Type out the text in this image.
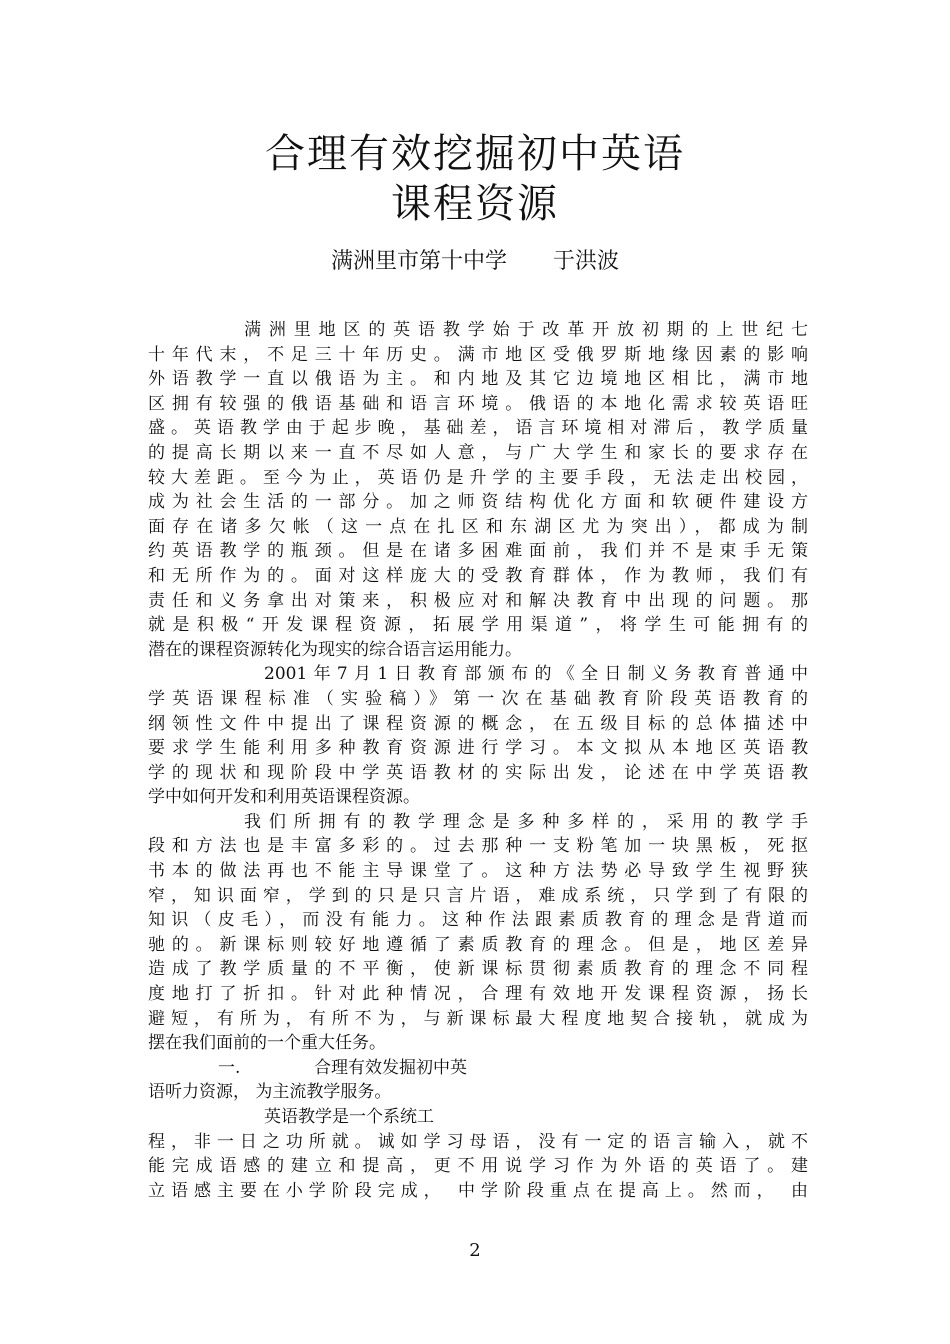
合理有效挖掘初中英语
课程资源
满洲里市第十中学 于洪波
满洲里地区的英语教学始于改革开放初期的上世纪七
十年代末，不足三十年历史。满市地区受俄罗斯地缘因素的影响
外语教学一直以俄语为主。和内地及其它边境地区相比，满市地
区拥有较强的俄语基础和语言环境。俄语的本地化需求较英语旺
盛。英语教学由于起步晚，基础差，语言环境相对滞后，教学质量
的提高长期以来一直不尽如人意，与广大学生和家长的要求存在
较大差距。至今为止，英语仍是升学的主要手段，无法走出校园，
成为社会生活的一部分。加之师资结构优化方面和软硬件建设方
面存在诸多欠帐（这一点在扎区和东湖区尤为突出），都成为制
约英语教学的瓶颈。但是在诸多困难面前，我们并不是束手无策
和无所作为的。面对这样庞大的受教育群体，作为教师，我们有
责任和义务拿出对策来，积极应对和解决教育中出现的问题。那
就是积极“开发课程资源，拓展学用渠道”，将学生可能拥有的
潜在的课程资源转化为现实的综合语言运用能力。
2001年7月1日教育部颁布的《全日制义务教育普通中
学英语课程标准（实验稿）》第一次在基础教育阶段英语教育的
纲领性文件中提出了课程资源的概念，在五级目标的总体描述中
要求学生能利用多种教育资源进行学习。本文拟从本地区英语教
学的现状和现阶段中学英语教材的实际出发，论述在中学英语教
学中如何开发和利用英语课程资源。
我们所拥有的教学理念是多种多样的，采用的教学手
段和方法也是丰富多彩的。过去那种一支粉笔加一块黑板，死抠
书本的做法再也不能主导课堂了。这种方法势必导致学生视野狭
窄，知识面窄，学到的只是只言片语，难成系统，只学到了有限的
知识（皮毛），而没有能力。这种作法跟素质教育的理念是背道而
驰的。新课标则较好地遵循了素质教育的理念。但是，地区差异
造成了教学质量的不平衡，使新课标贯彻素质教育的理念不同程
度地打了折扣。针对此种情况，合理有效地开发课程资源，扬长
避短，有所为，有所不为，与新课标最大程度地契合接轨，就成为
摆在我们面前的一个重大任务。
一.	合理有效发掘初中英
语听力资源， 为主流教学服务。
英语教学是一个系统工
程，非一日之功所就。诚如学习母语，没有一定的语言输入，就不
能完成语感的建立和提高，更不用说学习作为外语的英语了。建
立语感主要在小学阶段完成， 中学阶段重点在提高上。然而， 由
2
